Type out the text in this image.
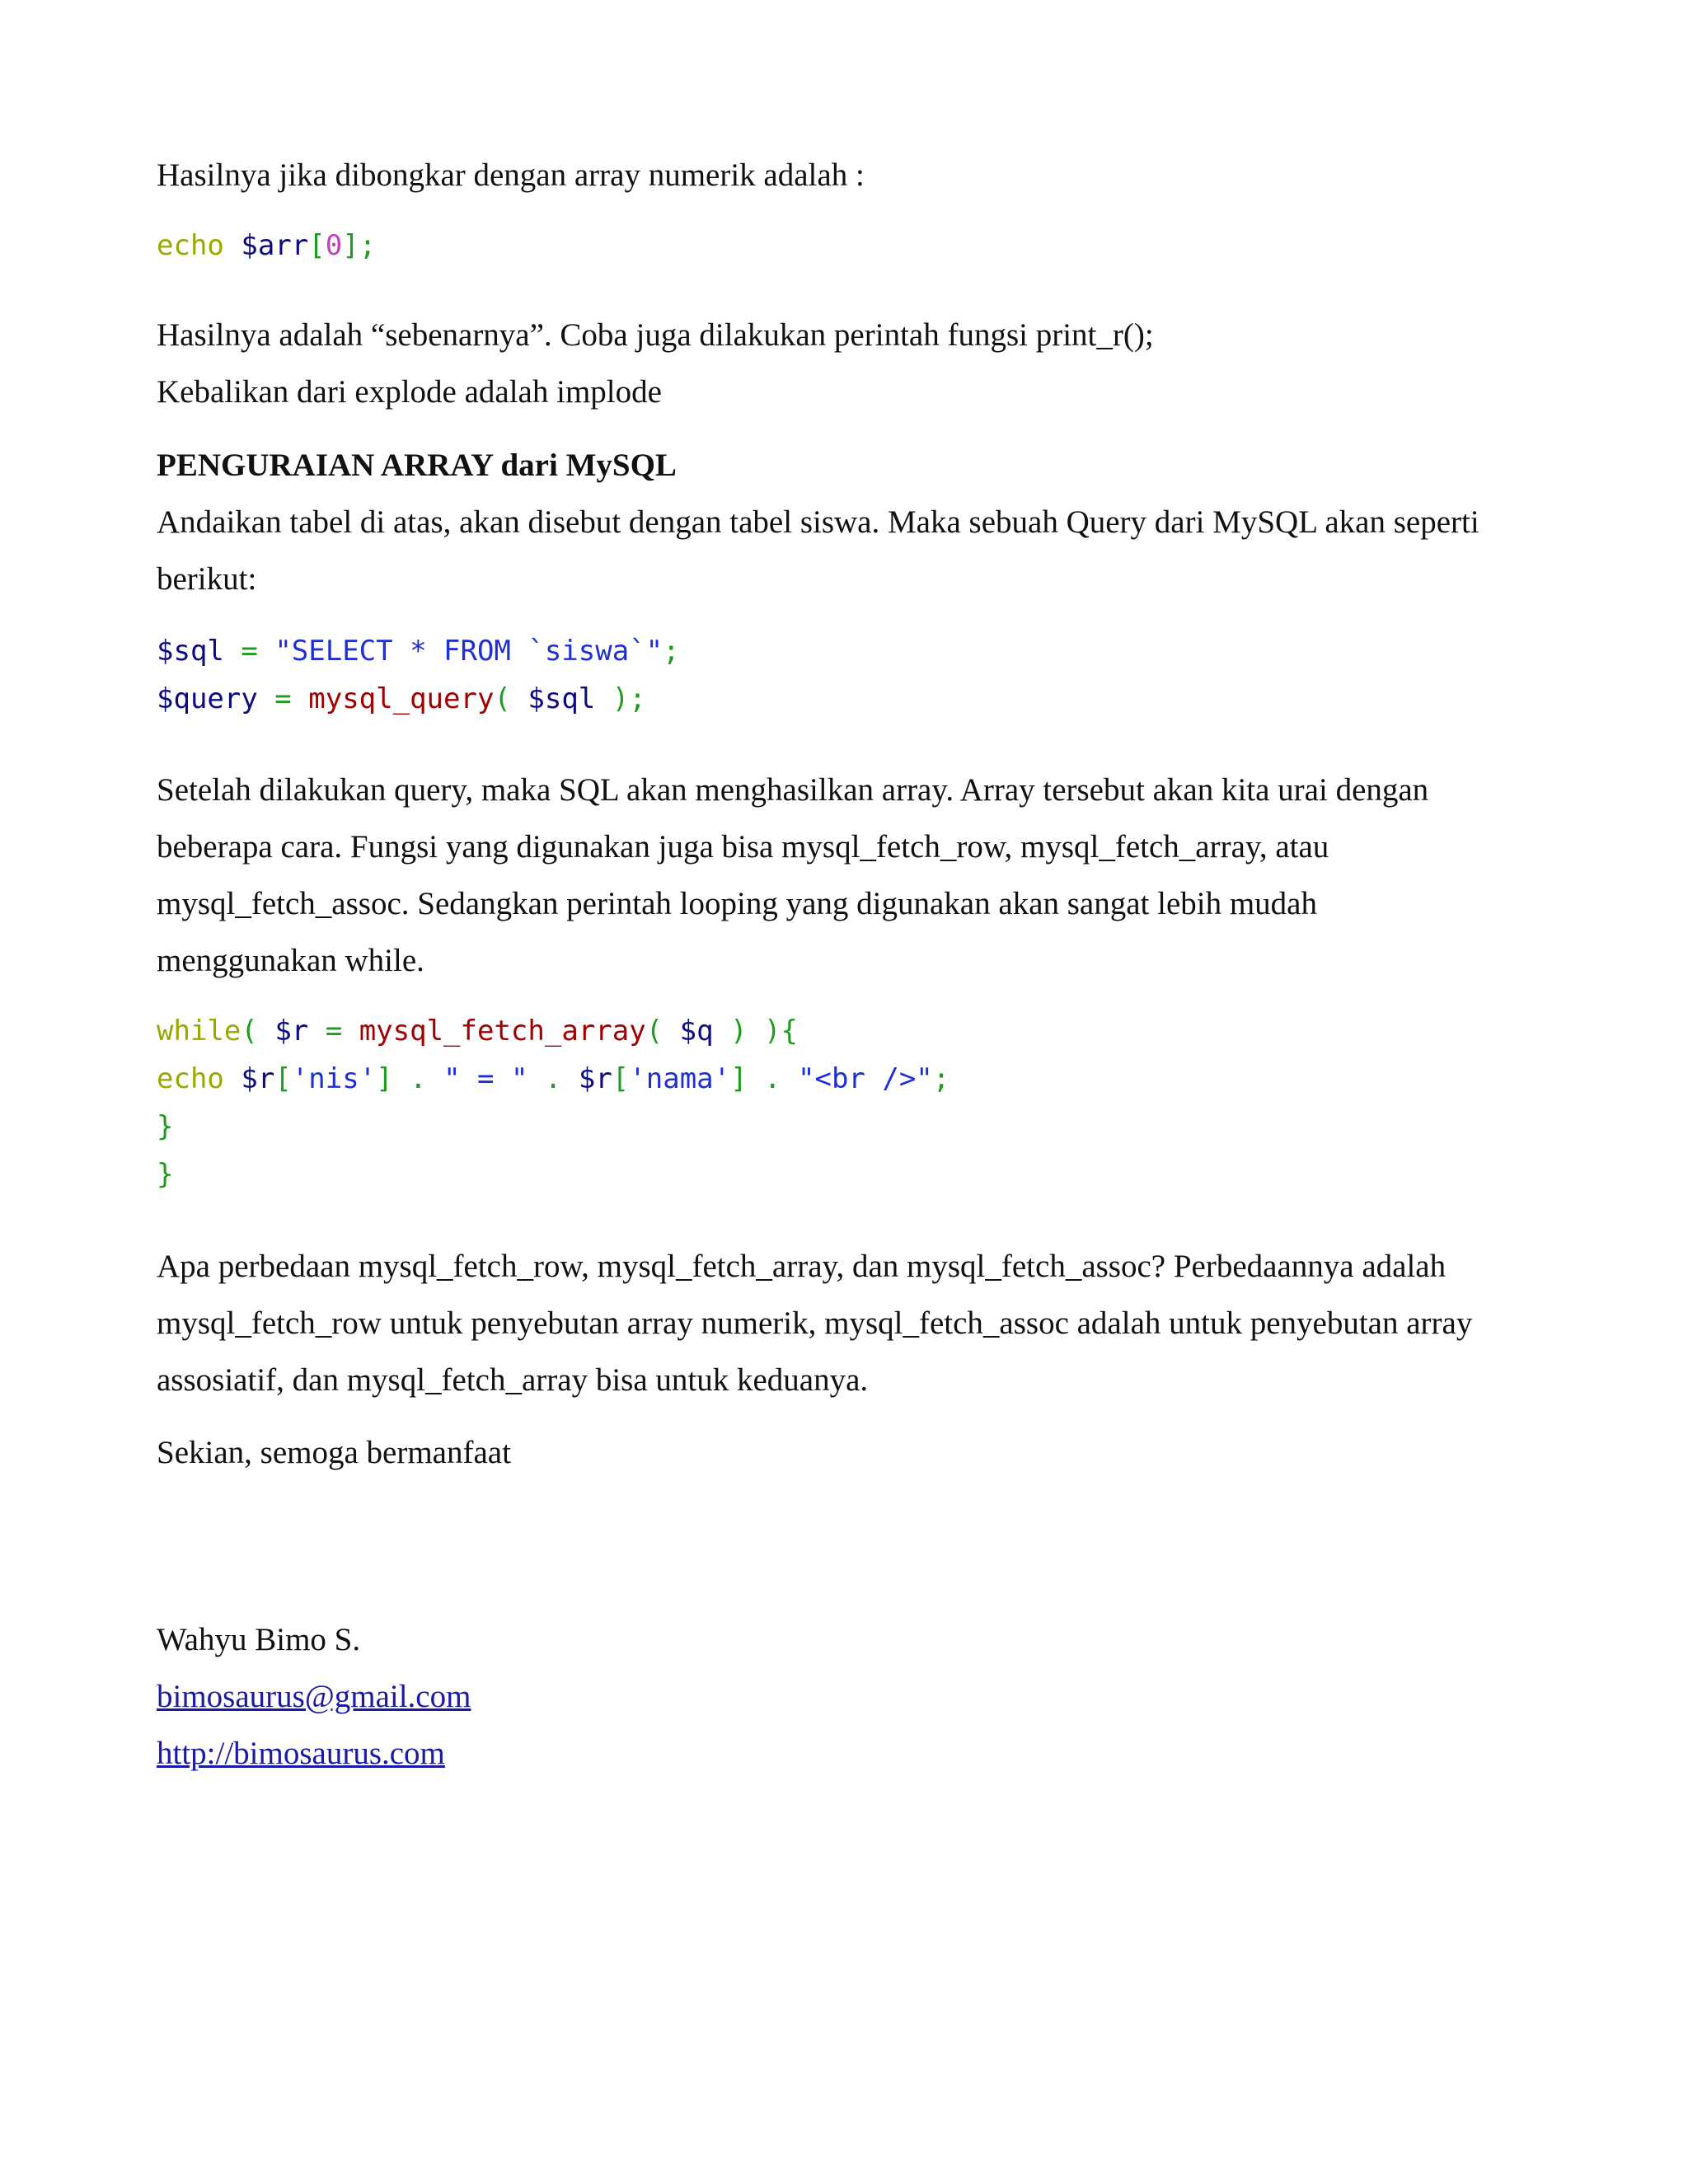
Hasilnya jika dibongkar dengan array numerik adalah :

echo $arr[0];

Hasilnya adalah “sebenarnya”. Coba juga dilakukan perintah fungsi print_r();

Kebalikan dari explode adalah implode

PENGURAIAN ARRAY dari MySQL

Andaikan tabel di atas, akan disebut dengan tabel siswa. Maka sebuah Query dari MySQL akan seperti

berikut:

$sql = "SELECT * FROM `siswa`";
$query = mysql_query( $sql );

Setelah dilakukan query, maka SQL akan menghasilkan array. Array tersebut akan kita urai dengan

beberapa cara. Fungsi yang digunakan juga bisa mysql_fetch_row, mysql_fetch_array, atau

mysql_fetch_assoc. Sedangkan perintah looping yang digunakan akan sangat lebih mudah

menggunakan while.

while( $r = mysql_fetch_array( $q ) ){
echo $r['nis'] . " = " . $r['nama'] . "<br />";
}
}

Apa perbedaan mysql_fetch_row, mysql_fetch_array, dan mysql_fetch_assoc? Perbedaannya adalah

mysql_fetch_row untuk penyebutan array numerik, mysql_fetch_assoc adalah untuk penyebutan array

assosiatif, dan mysql_fetch_array bisa untuk keduanya.

Sekian, semoga bermanfaat

Wahyu Bimo S.

bimosaurus@gmail.com

http://bimosaurus.com
